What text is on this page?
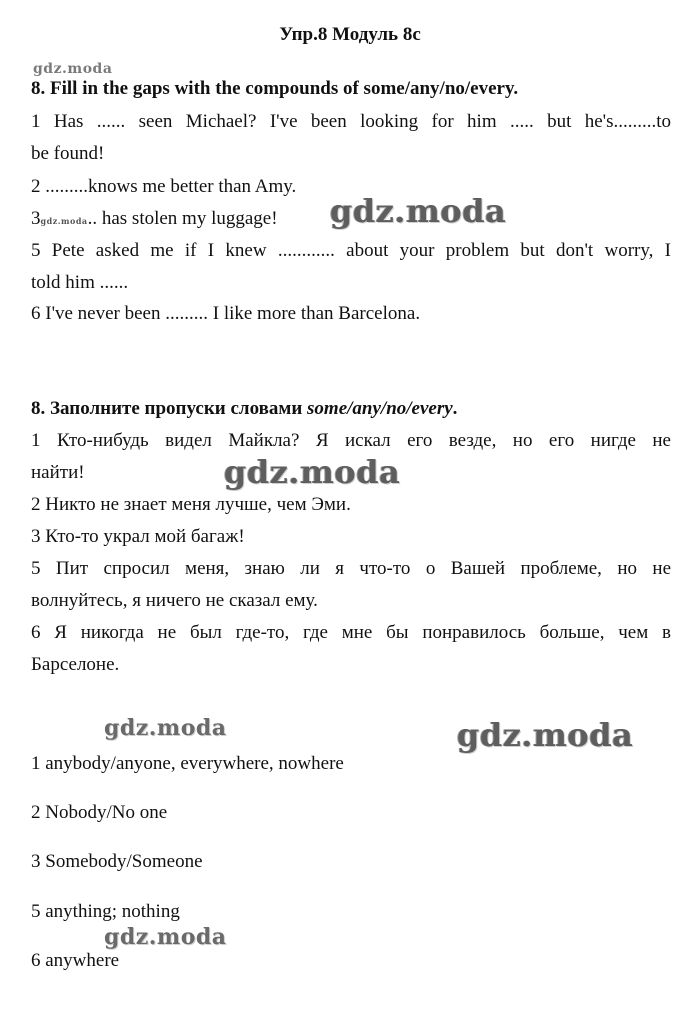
Упр.8 Модуль 8c
gdz.moda
8. Fill in the gaps with the compounds of some/any/no/every.
1 Has ...... seen Michael? I've been looking for him ..... but he's.........to
be found!
2 .........knows me better than Amy.
3gdz.moda.. has stolen my luggage! gdz.moda
5 Pete asked me if I knew ............ about your problem but don't worry, I
told him ......
6 I've never been ......... I like more than Barcelona.
8. Заполните пропуски словами some/any/no/every.
1 Кто-нибудь видел Майкла? Я искал его везде, но его нигде не
найти!	gdz.moda
2 Никто не знает меня лучше, чем Эми.
3 Кто-то украл мой багаж!
5 Пит спросил меня, знаю ли я что-то о Вашей проблеме, но не
волнуйтесь, я ничего не сказал ему.
6 Я никогда не был где-то, где мне бы понравилось больше, чем в
Барселоне.
gdz.moda	gdz.moda
1 anybody/anyone, everywhere, nowhere
2 Nobody/No one
3 Somebody/Someone
5 anything; nothing
gdz.moda
6 anywhere
